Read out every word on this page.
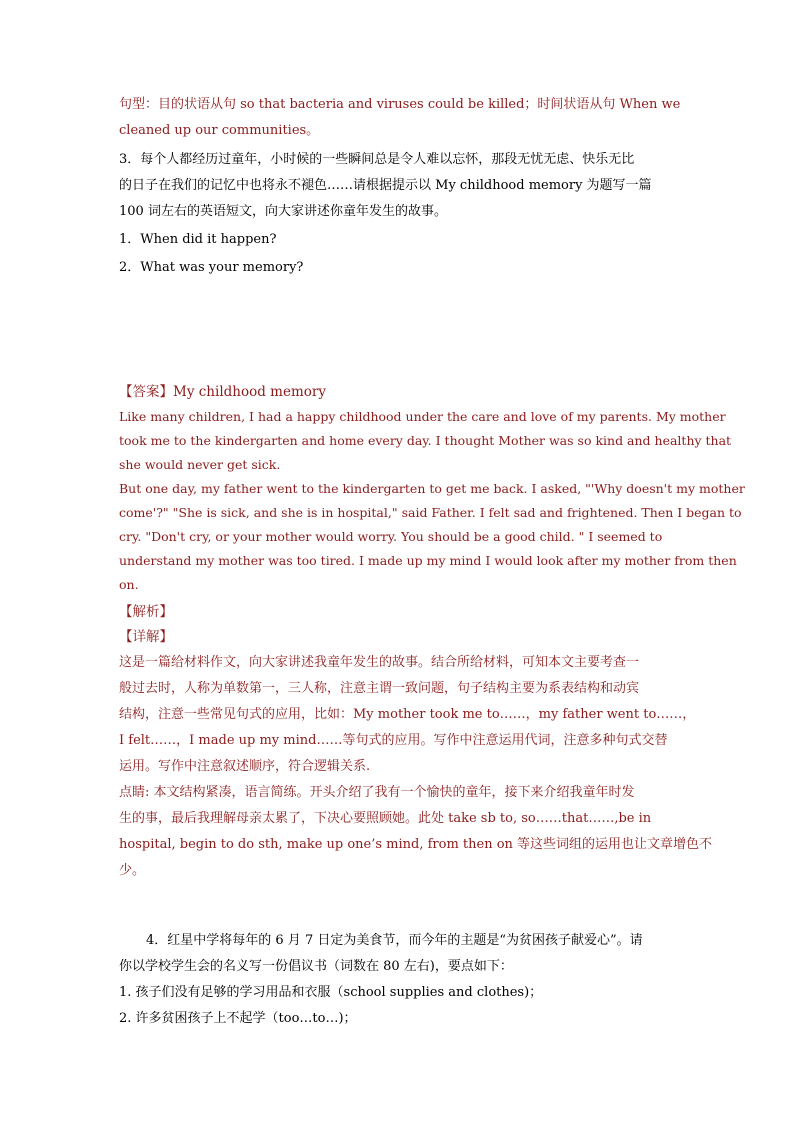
句型：目的状语从句 so that bacteria and viruses could be killed；时间状语从句 When we
cleaned up our communities。
3．每个人都经历过童年，小时候的一些瞬间总是令人难以忘怀，那段无忧无虑、快乐无比
的日子在我们的记忆中也将永不褪色……请根据提示以 My childhood memory 为题写一篇
100 词左右的英语短文，向大家讲述你童年发生的故事。
1．When did it happen?
2．What was your memory?
【答案】My childhood memory
Like many children, I had a happy childhood under the care and love of my parents. My mother
took me to the kindergarten and home every day. I thought Mother was so kind and healthy that
she would never get sick.
But one day, my father went to the kindergarten to get me back. I asked, "'Why doesn't my mother
come'?" "She is sick, and she is in hospital," said Father. I felt sad and frightened. Then I began to
cry. "Don't cry, or your mother would worry. You should be a good child. " I seemed to
understand my mother was too tired. I made up my mind I would look after my mother from then
on.
【解析】
【详解】
这是一篇给材料作文，向大家讲述我童年发生的故事。结合所给材料，可知本文主要考查一
般过去时，人称为单数第一，三人称，注意主谓一致问题，句子结构主要为系表结构和动宾
结构，注意一些常见句式的应用，比如：My mother took me to……，my father went to……，
I felt……，I made up my mind……等句式的应用。写作中注意运用代词，注意多种句式交替
运用。写作中注意叙述顺序，符合逻辑关系.
点睛: 本文结构紧凑，语言简练。开头介绍了我有一个愉快的童年，接下来介绍我童年时发
生的事，最后我理解母亲太累了，下决心要照顾她。此处 take sb to, so……that……,be in
hospital, begin to do sth, make up one’s mind, from then on 等这些词组的运用也让文章增色不
少。
4．红星中学将每年的 6 月 7 日定为美食节，而今年的主题是“为贫困孩子献爱心”。请
你以学校学生会的名义写一份倡议书（词数在 80 左右)，要点如下：
1. 孩子们没有足够的学习用品和衣服（school supplies and clothes)；
2. 许多贫困孩子上不起学（too…to…)；
